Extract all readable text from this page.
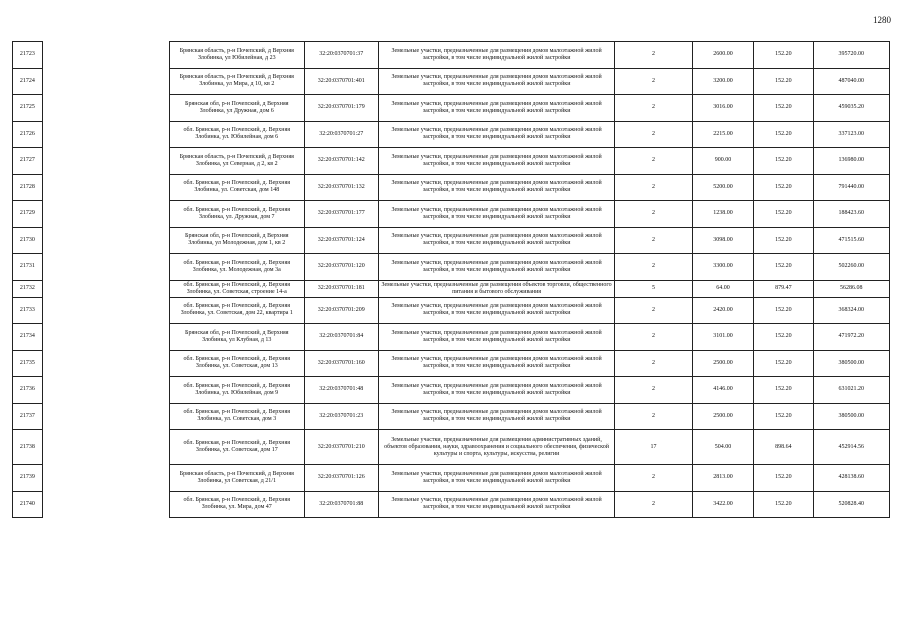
1280
21723		Брянская область, р-н Почепский, д Верхняя Злобинка, ул Юбилейная, д 23	32:20:0370701:37	Земельные участки, предназначенные для размещения домов малоэтажной жилой застройки, в том числе индивидуальной жилой застройки	2	2600.00	152.20	395720.00
21724		Брянская область, р-н Почепский, д Верхняя Злобинка, ул Мира, д 10, кв 2	32:20:0370701:401	Земельные участки, предназначенные для размещения домов малоэтажной жилой застройки, в том числе индивидуальной жилой застройки	2	3200.00	152.20	487040.00
21725		Брянская обл, р-н Почепский, д Верхняя Злобинка, ул Дружная, дом 6	32:20:0370701:179	Земельные участки, предназначенные для размещения домов малоэтажной жилой застройки, в том числе индивидуальной жилой застройки	2	3016.00	152.20	459035.20
21726		обл. Брянская, р-н Почепский, д. Верхняя Злобинка, ул. Юбилейная, дом 6	32:20:0370701:27	Земельные участки, предназначенные для размещения домов малоэтажной жилой застройки, в том числе индивидуальной жилой застройки	2	2215.00	152.20	337123.00
21727		Брянская область, р-н Почепский, д Верхняя Злобинка, ул Северная, д 2, кв 2	32:20:0370701:142	Земельные участки, предназначенные для размещения домов малоэтажной жилой застройки, в том числе индивидуальной жилой застройки	2	900.00	152.20	136980.00
21728		обл. Брянская, р-н Почепский, д. Верхняя Злобинка, ул. Советская, дом 148	32:20:0370701:132	Земельные участки, предназначенные для размещения домов малоэтажной жилой застройки, в том числе индивидуальной жилой застройки	2	5200.00	152.20	791440.00
21729		обл. Брянская, р-н Почепский, д. Верхняя Злобинка, ул. Дружная, дом 7	32:20:0370701:177	Земельные участки, предназначенные для размещения домов малоэтажной жилой застройки, в том числе индивидуальной жилой застройки	2	1238.00	152.20	188423.60
21730		Брянская обл, р-н Почепский, д Верхняя Злобинка, ул Молодежная, дом 1, кв 2	32:20:0370701:124	Земельные участки, предназначенные для размещения домов малоэтажной жилой застройки, в том числе индивидуальной жилой застройки	2	3098.00	152.20	471515.60
21731		обл. Брянская, р-н Почепский, д. Верхняя Злобинка, ул. Молодежная, дом 3а	32:20:0370701:120	Земельные участки, предназначенные для размещения домов малоэтажной жилой застройки, в том числе индивидуальной жилой застройки	2	3300.00	152.20	502260.00
21732		обл. Брянская, р-н Почепский, д. Верхняя Злобинка, ул. Советская, строение 14-а	32:20:0370701:181	Земельные участки, предназначенные для размещения объектов торговли, общественного питания и бытового обслуживания	5	64.00	879.47	56286.08
21733		обл. Брянская, р-н Почепский, д. Верхняя Злобинка, ул. Советская, дом 22, квартира 1	32:20:0370701:209	Земельные участки, предназначенные для размещения домов малоэтажной жилой застройки, в том числе индивидуальной жилой застройки	2	2420.00	152.20	368324.00
21734		Брянская обл, р-н Почепский, д Верхняя Злобинка, ул Клубная, д 13	32:20:0370701:84	Земельные участки, предназначенные для размещения домов малоэтажной жилой застройки, в том числе индивидуальной жилой застройки	2	3101.00	152.20	471972.20
21735		обл. Брянская, р-н Почепский, д. Верхняя Злобинка, ул. Советская, дом 13	32:20:0370701:160	Земельные участки, предназначенные для размещения домов малоэтажной жилой застройки, в том числе индивидуальной жилой застройки	2	2500.00	152.20	380500.00
21736		обл. Брянская, р-н Почепский, д. Верхняя Злобинка, ул. Юбилейная, дом 9	32:20:0370701:48	Земельные участки, предназначенные для размещения домов малоэтажной жилой застройки, в том числе индивидуальной жилой застройки	2	4146.00	152.20	631021.20
21737		обл. Брянская, р-н Почепский, д. Верхняя Злобинка, ул. Советская, дом 3	32:20:0370701:23	Земельные участки, предназначенные для размещения домов малоэтажной жилой застройки, в том числе индивидуальной жилой застройки	2	2500.00	152.20	380500.00
21738		обл. Брянская, р-н Почепский, д. Верхняя Злобинка, ул. Советская, дом 17	32:20:0370701:210	Земельные участки, предназначенные для размещения административных зданий, объектов образования, науки, здравоохранения и социального обеспечения, физической культуры и спорта, культуры, искусства, религии	17	504.00	898.64	452914.56
21739		Брянская область, р-н Почепский, д Верхняя Злобинка, ул Советская, д 21/1	32:20:0370701:126	Земельные участки, предназначенные для размещения домов малоэтажной жилой застройки, в том числе индивидуальной жилой застройки	2	2813.00	152.20	428138.60
21740		обл. Брянская, р-н Почепский, д. Верхняя Злобинка, ул. Мира, дом 47	32:20:0370701:88	Земельные участки, предназначенные для размещения домов малоэтажной жилой застройки, в том числе индивидуальной жилой застройки	2	3422.00	152.20	520828.40
